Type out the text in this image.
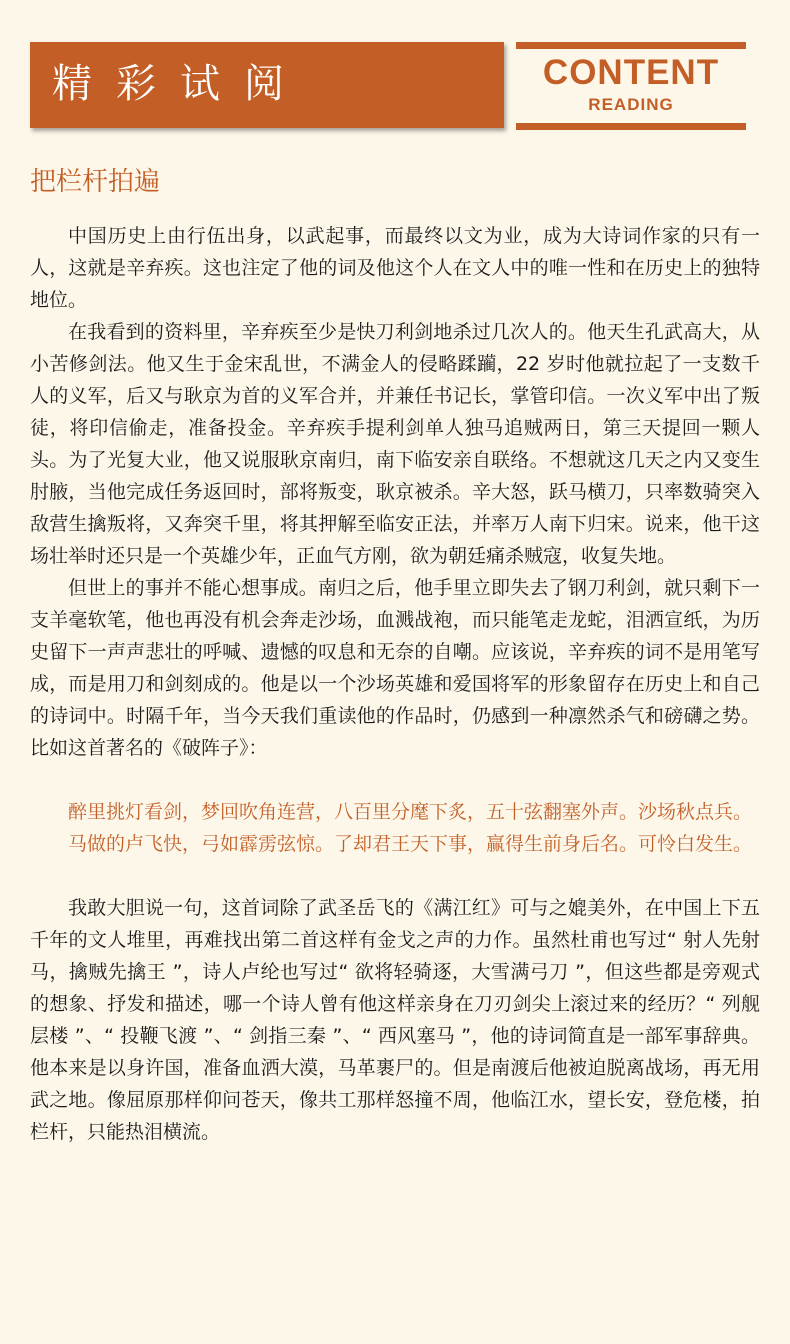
精彩试阅	CONTENT
READING
把栏杆拍遍

中国历史上由行伍出身，以武起事，而最终以文为业，成为大诗词作家的只有一人，这就是辛弃疾。这也注定了他的词及他这个人在文人中的唯一性和在历史上的独特地位。

在我看到的资料里，辛弃疾至少是快刀利剑地杀过几次人的。他天生孔武高大，从小苦修剑法。他又生于金宋乱世，不满金人的侵略蹂躏，22 岁时他就拉起了一支数千人的义军，后又与耿京为首的义军合并，并兼任书记长，掌管印信。一次义军中出了叛徒，将印信偷走，准备投金。辛弃疾手提利剑单人独马追贼两日，第三天提回一颗人头。为了光复大业，他又说服耿京南归，南下临安亲自联络。不想就这几天之内又变生肘腋，当他完成任务返回时，部将叛变，耿京被杀。辛大怒，跃马横刀，只率数骑突入敌营生擒叛将，又奔突千里，将其押解至临安正法，并率万人南下归宋。说来，他干这场壮举时还只是一个英雄少年，正血气方刚，欲为朝廷痛杀贼寇，收复失地。

但世上的事并不能心想事成。南归之后，他手里立即失去了钢刀利剑，就只剩下一支羊毫软笔，他也再没有机会奔走沙场，血溅战袍，而只能笔走龙蛇，泪洒宣纸，为历史留下一声声悲壮的呼喊、遗憾的叹息和无奈的自嘲。应该说，辛弃疾的词不是用笔写成，而是用刀和剑刻成的。他是以一个沙场英雄和爱国将军的形象留存在历史上和自己的诗词中。时隔千年，当今天我们重读他的作品时，仍感到一种凛然杀气和磅礴之势。比如这首著名的《破阵子》：

醉里挑灯看剑，梦回吹角连营，八百里分麾下炙，五十弦翻塞外声。沙场秋点兵。

马做的卢飞快，弓如霹雳弦惊。了却君王天下事，赢得生前身后名。可怜白发生。

我敢大胆说一句，这首词除了武圣岳飞的《满江红》可与之媲美外，在中国上下五千年的文人堆里，再难找出第二首这样有金戈之声的力作。虽然杜甫也写过“ 射人先射马，擒贼先擒王 ”，诗人卢纶也写过“ 欲将轻骑逐，大雪满弓刀 ”，但这些都是旁观式的想象、抒发和描述，哪一个诗人曾有他这样亲身在刀刃剑尖上滚过来的经历？“ 列舰层楼 ”、“ 投鞭飞渡 ”、“ 剑指三秦 ”、“ 西风塞马 ”，他的诗词简直是一部军事辞典。他本来是以身许国，准备血洒大漠，马革裹尸的。但是南渡后他被迫脱离战场，再无用武之地。像屈原那样仰问苍天，像共工那样怒撞不周，他临江水，望长安，登危楼，拍栏杆，只能热泪横流。
